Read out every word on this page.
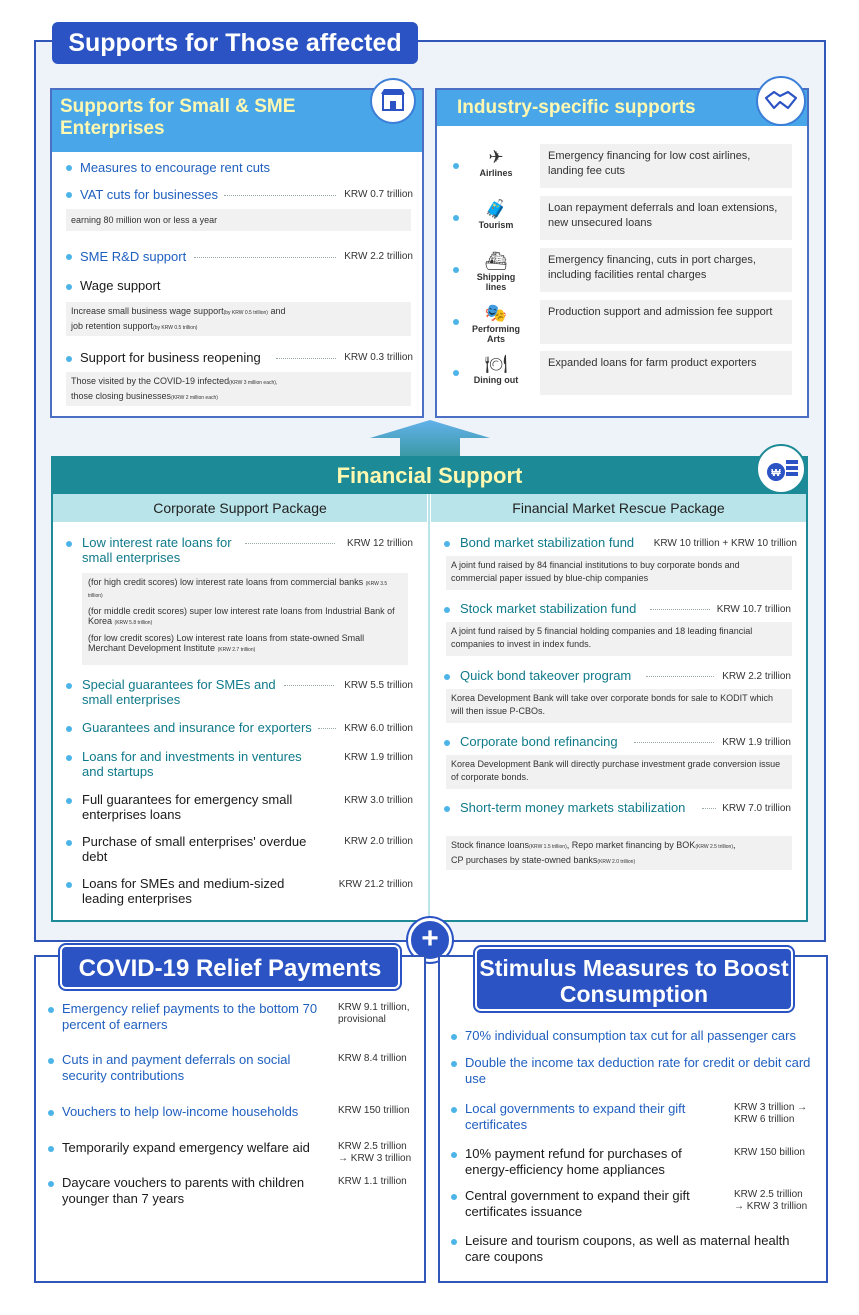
Supports for Those affected
Supports for Small & SME Enterprises
Measures to encourage rent cuts
VAT cuts for businesses	KRW 0.7 trillion
earning 80 million won or less a year
SME R&D support	KRW 2.2 trillion
Wage support
Increase small business wage support(by KRW 0.5 trillion) and
job retention support(by KRW 0.5 trillion)
Support for business reopening	KRW 0.3 trillion
Those visited by the COVID-19 infected(KRW 3 million each),
those closing businesses(KRW 2 million each)
Industry-specific supports
✈
Airlines
Emergency financing for low cost airlines, landing fee cuts
🧳
Tourism
Loan repayment deferrals and loan extensions, new unsecured loans
⛴
Shipping lines
Emergency financing, cuts in port charges, including facilities rental charges
🎭
Performing Arts
Production support and admission fee support
🍽
Dining out
Expanded loans for farm product exporters
Financial Support	₩
Corporate Support Package	Financial Market Rescue Package
Low interest rate loans for small enterprises
KRW 12 trillion
(for high credit scores) low interest rate loans from commercial banks (KRW 3.5 trillion)
(for middle credit scores) super low interest rate loans from Industrial Bank of Korea (KRW 5.8 trillion)
(for low credit scores) Low interest rate loans from state-owned Small Merchant Development Institute (KRW 2.7 trillion)
Special guarantees for SMEs and small enterprises
KRW 5.5 trillion
Guarantees and insurance for exporters	KRW 6.0 trillion
Loans for and investments in ventures and startups
KRW 1.9 trillion
Full guarantees for emergency small enterprises loans
KRW 3.0 trillion
Purchase of small enterprises' overdue debt
KRW 2.0 trillion
Loans for SMEs and medium-sized leading enterprises
KRW 21.2 trillion
Bond market stabilization fund KRW 10 trillion + KRW 10 trillion
A joint fund raised by 84 financial institutions to buy corporate bonds and commercial paper issued by blue-chip companies
Stock market stabilization fund	KRW 10.7 trillion
A joint fund raised by 5 financial holding companies and 18 leading financial companies to invest in index funds.
Quick bond takeover program	KRW 2.2 trillion
Korea Development Bank will take over corporate bonds for sale to KODIT which will then issue P-CBOs.
Corporate bond refinancing	KRW 1.9 trillion
Korea Development Bank will directly purchase investment grade conversion issue of corporate bonds.
Short-term money markets stabilization	KRW 7.0 trillion
Stock finance loans(KRW 1.5 trillion), Repo market financing by BOK(KRW 2.5 trillion),
CP purchases by state-owned banks(KRW 2.0 trillion)
+
COVID-19 Relief Payments
Emergency relief payments to the bottom 70 percent of earners
KRW 9.1 trillion, provisional
Cuts in and payment deferrals on social security contributions
KRW 8.4 trillion
Vouchers to help low-income households	KRW 150 trillion
Temporarily expand emergency welfare aid	KRW 2.5 trillion → KRW 3 trillion
Daycare vouchers to parents with children younger than 7 years
KRW 1.1 trillion
Stimulus Measures to Boost Consumption
70% individual consumption tax cut for all passenger cars
Double the income tax deduction rate for credit or debit card use
Local governments to expand their gift certificates
KRW 3 trillion → KRW 6 trillion
10% payment refund for purchases of energy-efficiency home appliances
KRW 150 billion
Central government to expand their gift certificates issuance
KRW 2.5 trillion → KRW 3 trillion
Leisure and tourism coupons, as well as maternal health care coupons
